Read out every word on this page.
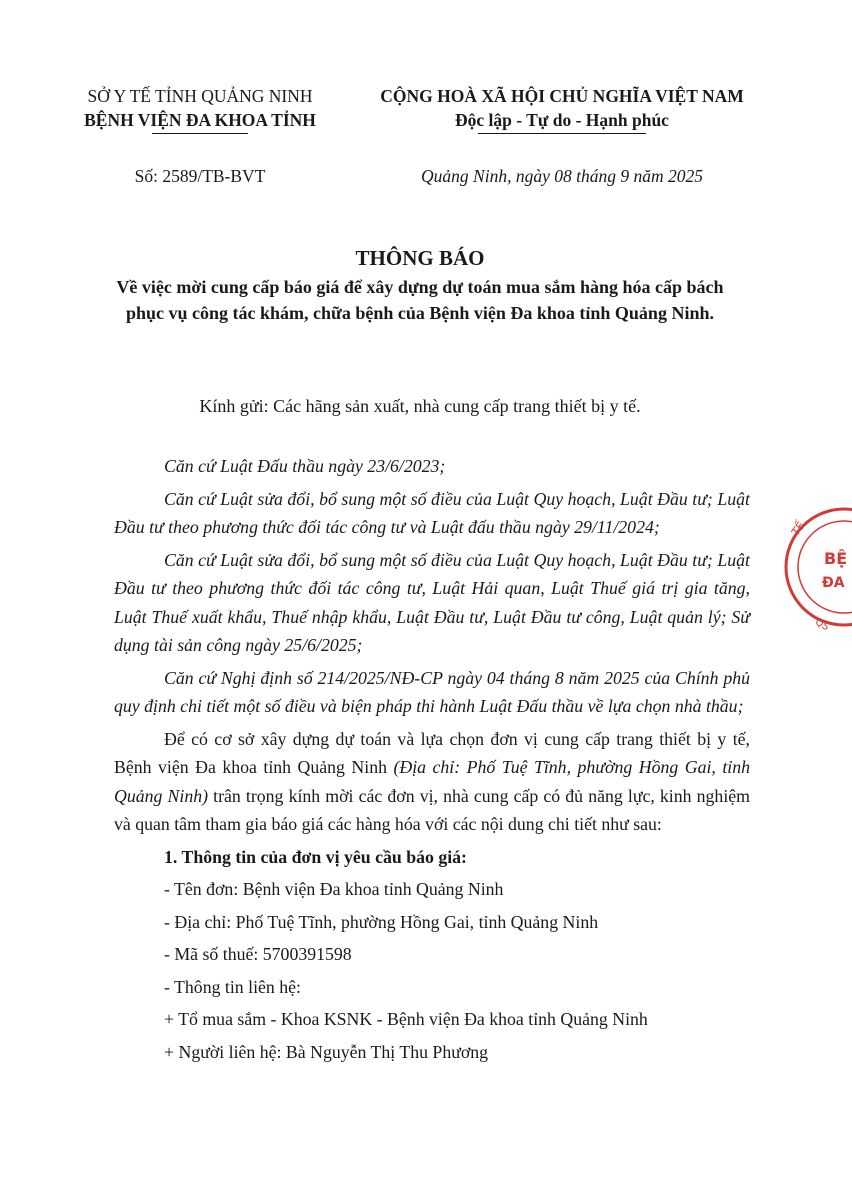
SỞ Y TẾ TỈNH QUẢNG NINH
BỆNH VIỆN ĐA KHOA TỈNH
Số: 2589/TB-BVT
CỘNG HOÀ XÃ HỘI CHỦ NGHĨA VIỆT NAM
Độc lập - Tự do - Hạnh phúc
Quảng Ninh, ngày 08 tháng 9 năm 2025
THÔNG BÁO
Về việc mời cung cấp báo giá để xây dựng dự toán mua sắm hàng hóa cấp bách phục vụ công tác khám, chữa bệnh của Bệnh viện Đa khoa tỉnh Quảng Ninh.
Kính gửi: Các hãng sản xuất, nhà cung cấp trang thiết bị y tế.

Căn cứ Luật Đấu thầu ngày 23/6/2023;

Căn cứ Luật sửa đổi, bổ sung một số điều của Luật Quy hoạch, Luật Đầu tư; Luật Đầu tư theo phương thức đối tác công tư và Luật đấu thầu ngày 29/11/2024;

Căn cứ Luật sửa đổi, bổ sung một số điều của Luật Quy hoạch, Luật Đầu tư; Luật Đầu tư theo phương thức đối tác công tư, Luật Hải quan, Luật Thuế giá trị gia tăng, Luật Thuế xuất khẩu, Thuế nhập khẩu, Luật Đầu tư, Luật Đầu tư công, Luật quản lý; Sử dụng tài sản công ngày 25/6/2025;

Căn cứ Nghị định số 214/2025/NĐ-CP ngày 04 tháng 8 năm 2025 của Chính phủ quy định chi tiết một số điều và biện pháp thi hành Luật Đấu thầu về lựa chọn nhà thầu;

Để có cơ sở xây dựng dự toán và lựa chọn đơn vị cung cấp trang thiết bị y tế, Bệnh viện Đa khoa tỉnh Quảng Ninh (Địa chỉ: Phố Tuệ Tĩnh, phường Hồng Gai, tỉnh Quảng Ninh) trân trọng kính mời các đơn vị, nhà cung cấp có đủ năng lực, kinh nghiệm và quan tâm tham gia báo giá các hàng hóa với các nội dung chi tiết như sau:

1. Thông tin của đơn vị yêu cầu báo giá:

- Tên đơn: Bệnh viện Đa khoa tỉnh Quảng Ninh

- Địa chỉ: Phố Tuệ Tĩnh, phường Hồng Gai, tỉnh Quảng Ninh

- Mã số thuế: 5700391598

- Thông tin liên hệ:

+ Tổ mua sắm - Khoa KSNK - Bệnh viện Đa khoa tỉnh Quảng Ninh

+ Người liên hệ: Bà Nguyễn Thị Thu Phương

BỆ
ĐA
TẾ
QS
